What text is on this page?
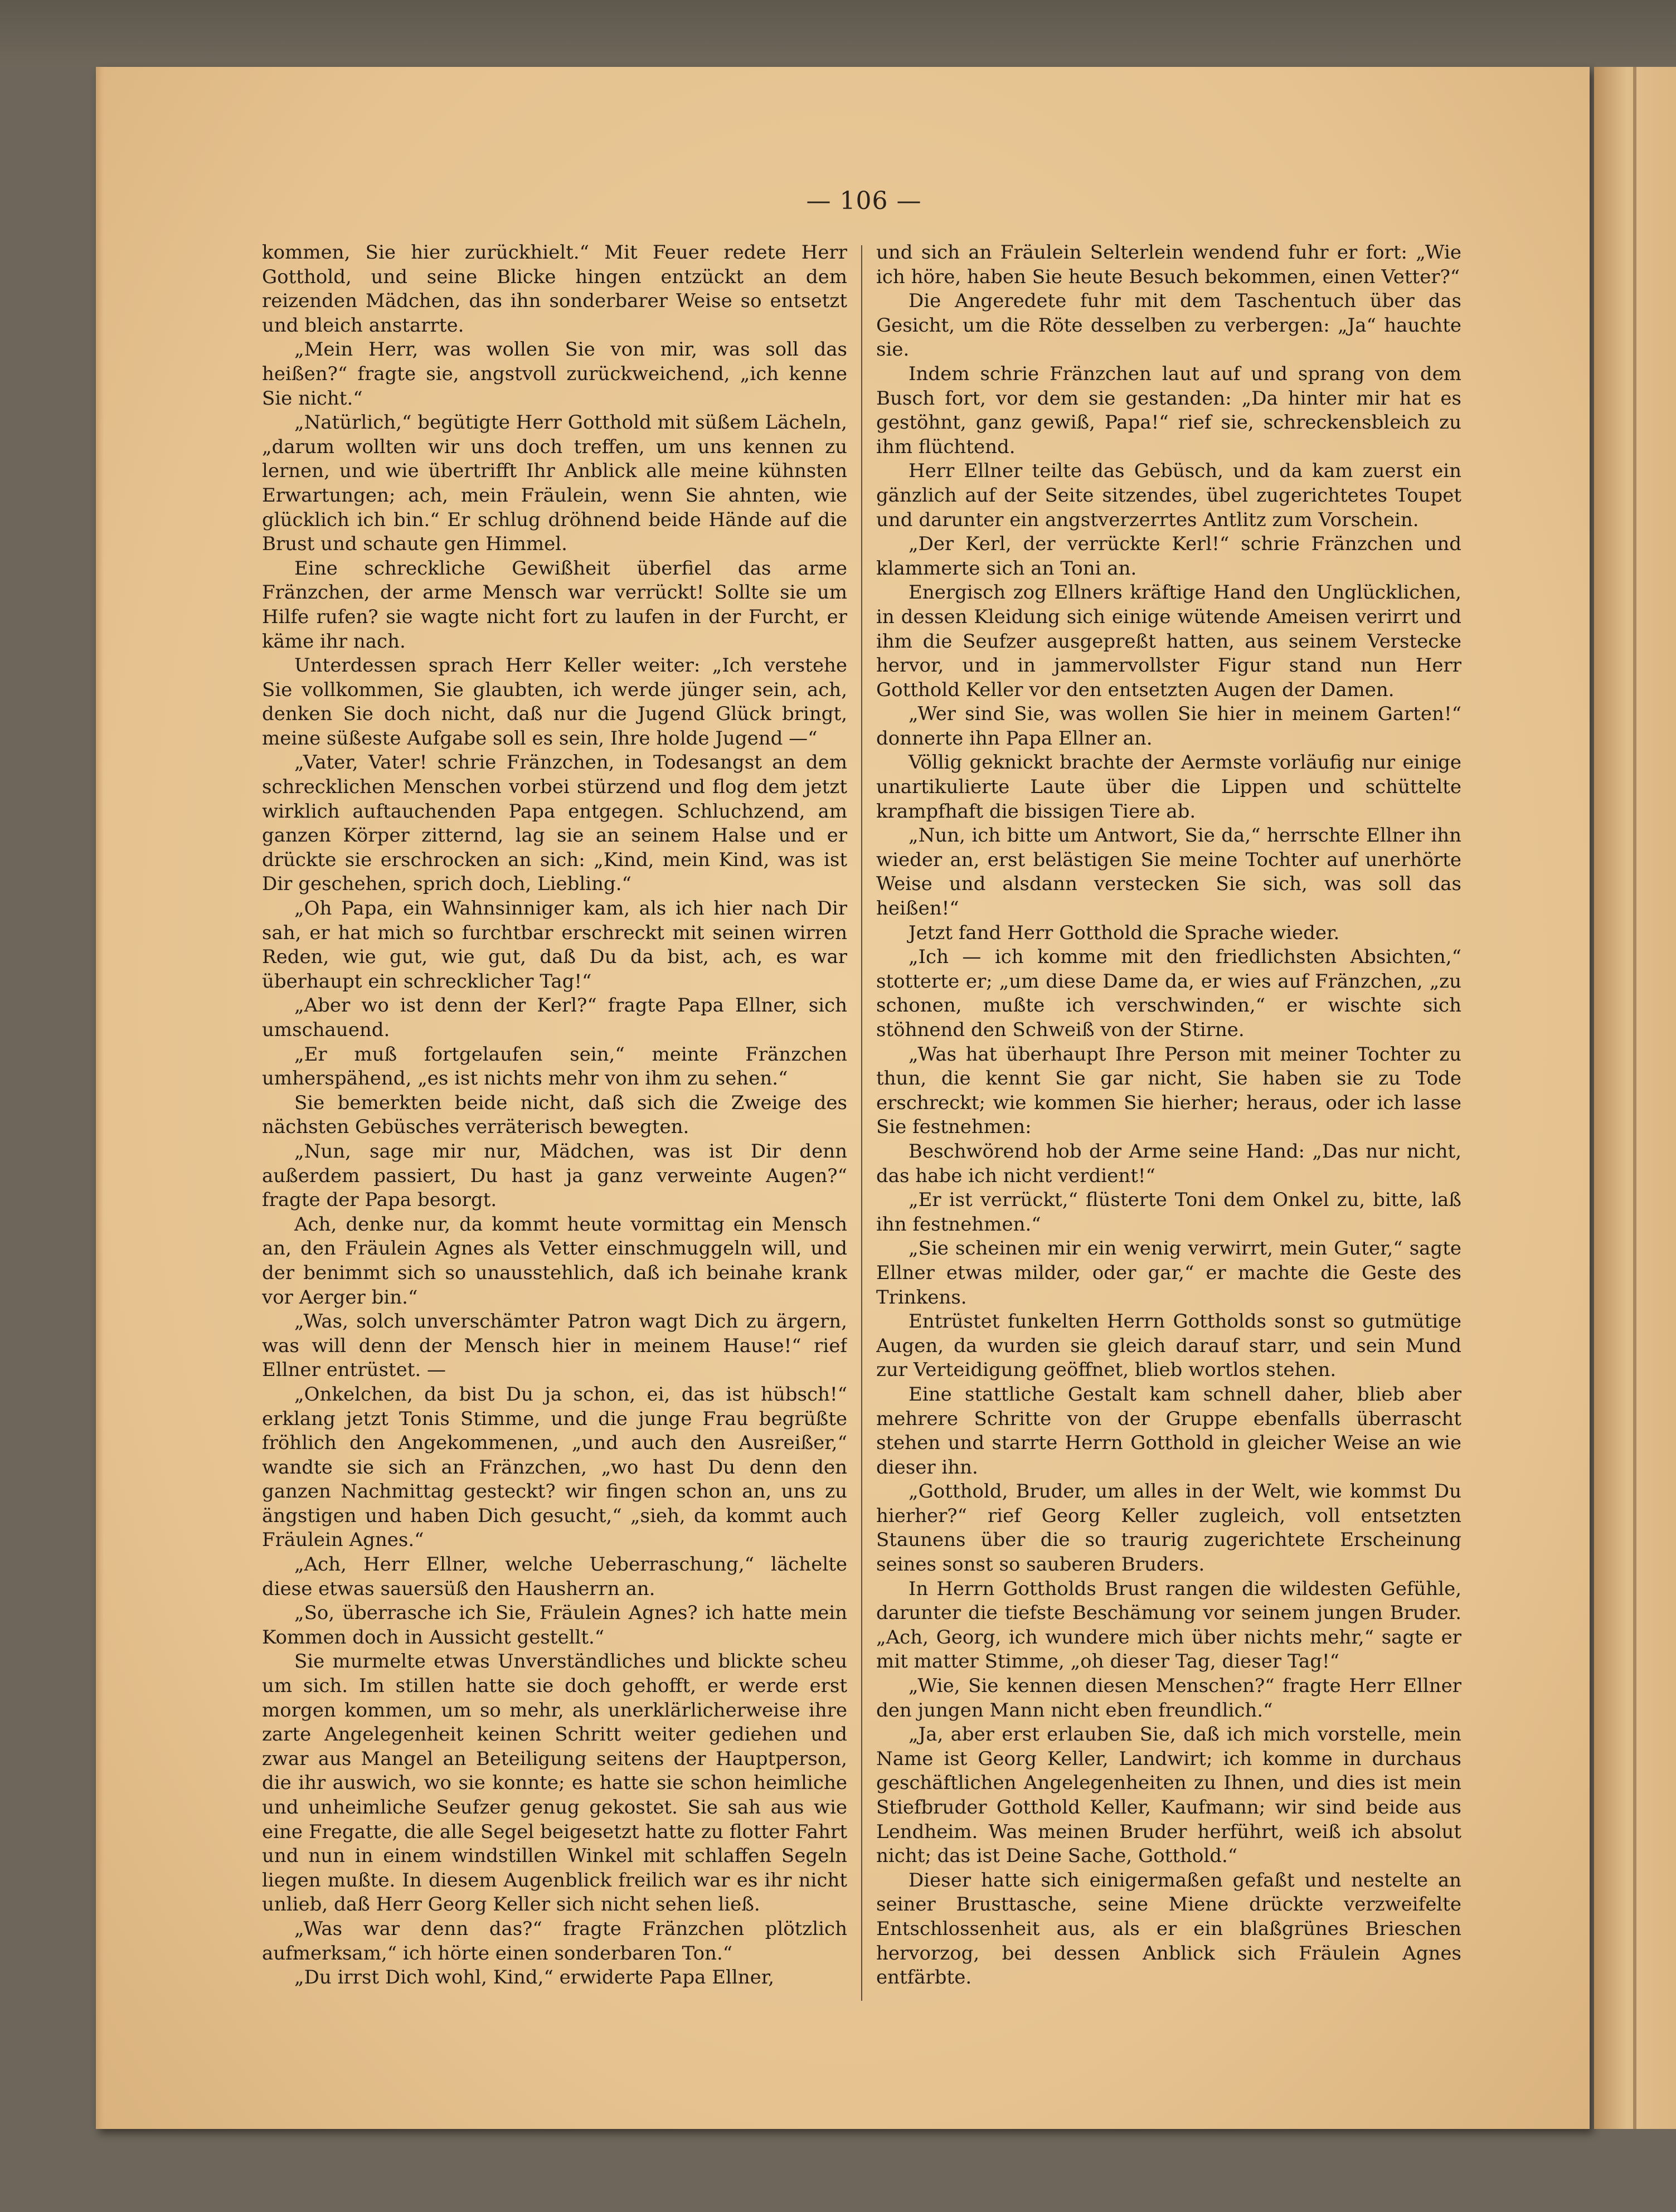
— 106 —

kommen, Sie hier zurückhielt.“ Mit Feuer redete Herr Gotthold, und seine Blicke hingen entzückt an dem reizenden Mädchen, das ihn sonderbarer Weise so entsetzt und bleich anstarrte.

„Mein Herr, was wollen Sie von mir, was soll das heißen?“ fragte sie, angstvoll zurückweichend, „ich kenne Sie nicht.“

„Natürlich,“ begütigte Herr Gotthold mit süßem Lächeln, „darum wollten wir uns doch treffen, um uns kennen zu lernen, und wie übertrifft Ihr Anblick alle meine kühnsten Erwartungen; ach, mein Fräulein, wenn Sie ahnten, wie glücklich ich bin.“ Er schlug dröhnend beide Hände auf die Brust und schaute gen Himmel.

Eine schreckliche Gewißheit überfiel das arme Fränzchen, der arme Mensch war verrückt! Sollte sie um Hilfe rufen? sie wagte nicht fort zu laufen in der Furcht, er käme ihr nach.

Unterdessen sprach Herr Keller weiter: „Ich verstehe Sie vollkommen, Sie glaubten, ich werde jünger sein, ach, denken Sie doch nicht, daß nur die Jugend Glück bringt, meine süßeste Aufgabe soll es sein, Ihre holde Jugend —“

„Vater, Vater! schrie Fränzchen, in Todesangst an dem schrecklichen Menschen vorbei stürzend und flog dem jetzt wirklich auftauchenden Papa entgegen. Schluchzend, am ganzen Körper zitternd, lag sie an seinem Halse und er drückte sie erschrocken an sich: „Kind, mein Kind, was ist Dir geschehen, sprich doch, Liebling.“

„Oh Papa, ein Wahnsinniger kam, als ich hier nach Dir sah, er hat mich so furchtbar erschreckt mit seinen wirren Reden, wie gut, wie gut, daß Du da bist, ach, es war überhaupt ein schrecklicher Tag!“

„Aber wo ist denn der Kerl?“ fragte Papa Ellner, sich umschauend.

„Er muß fortgelaufen sein,“ meinte Fränzchen umherspähend, „es ist nichts mehr von ihm zu sehen.“

Sie bemerkten beide nicht, daß sich die Zweige des nächsten Gebüsches verräterisch bewegten.

„Nun, sage mir nur, Mädchen, was ist Dir denn außerdem passiert, Du hast ja ganz verweinte Augen?“ fragte der Papa besorgt.

Ach, denke nur, da kommt heute vormittag ein Mensch an, den Fräulein Agnes als Vetter einschmuggeln will, und der benimmt sich so unausstehlich, daß ich beinahe krank vor Aerger bin.“

„Was, solch unverschämter Patron wagt Dich zu ärgern, was will denn der Mensch hier in meinem Hause!“ rief Ellner entrüstet. —

„Onkelchen, da bist Du ja schon, ei, das ist hübsch!“ erklang jetzt Tonis Stimme, und die junge Frau begrüßte fröhlich den Angekommenen, „und auch den Ausreißer,“ wandte sie sich an Fränzchen, „wo hast Du denn den ganzen Nachmittag gesteckt? wir fingen schon an, uns zu ängstigen und haben Dich gesucht,“ „sieh, da kommt auch Fräulein Agnes.“

„Ach, Herr Ellner, welche Ueberraschung,“ lächelte diese etwas sauersüß den Hausherrn an.

„So, überrasche ich Sie, Fräulein Agnes? ich hatte mein Kommen doch in Aussicht gestellt.“

Sie murmelte etwas Unverständliches und blickte scheu um sich. Im stillen hatte sie doch gehofft, er werde erst morgen kommen, um so mehr, als unerklärlicherweise ihre zarte Angelegenheit keinen Schritt weiter gediehen und zwar aus Mangel an Beteiligung seitens der Hauptperson, die ihr auswich, wo sie konnte; es hatte sie schon heimliche und unheimliche Seufzer genug gekostet. Sie sah aus wie eine Fregatte, die alle Segel beigesetzt hatte zu flotter Fahrt und nun in einem windstillen Winkel mit schlaffen Segeln liegen mußte. In diesem Augenblick freilich war es ihr nicht unlieb, daß Herr Georg Keller sich nicht sehen ließ.

„Was war denn das?“ fragte Fränzchen plötzlich aufmerksam,“ ich hörte einen sonderbaren Ton.“

„Du irrst Dich wohl, Kind,“ erwiderte Papa Ellner,

und sich an Fräulein Selterlein wendend fuhr er fort: „Wie ich höre, haben Sie heute Besuch bekommen, einen Vetter?“

Die Angeredete fuhr mit dem Taschentuch über das Gesicht, um die Röte desselben zu verbergen: „Ja“ hauchte sie.

Indem schrie Fränzchen laut auf und sprang von dem Busch fort, vor dem sie gestanden: „Da hinter mir hat es gestöhnt, ganz gewiß, Papa!“ rief sie, schreckensbleich zu ihm flüchtend.

Herr Ellner teilte das Gebüsch, und da kam zuerst ein gänzlich auf der Seite sitzendes, übel zugerichtetes Toupet und darunter ein angstverzerrtes Antlitz zum Vorschein.

„Der Kerl, der verrückte Kerl!“ schrie Fränzchen und klammerte sich an Toni an.

Energisch zog Ellners kräftige Hand den Unglücklichen, in dessen Kleidung sich einige wütende Ameisen verirrt und ihm die Seufzer ausgepreßt hatten, aus seinem Verstecke hervor, und in jammervollster Figur stand nun Herr Gotthold Keller vor den entsetzten Augen der Damen.

„Wer sind Sie, was wollen Sie hier in meinem Garten!“ donnerte ihn Papa Ellner an.

Völlig geknickt brachte der Aermste vorläufig nur einige unartikulierte Laute über die Lippen und schüttelte krampfhaft die bissigen Tiere ab.

„Nun, ich bitte um Antwort, Sie da,“ herrschte Ellner ihn wieder an, erst belästigen Sie meine Tochter auf unerhörte Weise und alsdann verstecken Sie sich, was soll das heißen!“

Jetzt fand Herr Gotthold die Sprache wieder.

„Ich — ich komme mit den friedlichsten Absichten,“ stotterte er; „um diese Dame da, er wies auf Fränzchen, „zu schonen, mußte ich verschwinden,“ er wischte sich stöhnend den Schweiß von der Stirne.

„Was hat überhaupt Ihre Person mit meiner Tochter zu thun, die kennt Sie gar nicht, Sie haben sie zu Tode erschreckt; wie kommen Sie hierher; heraus, oder ich lasse Sie festnehmen:

Beschwörend hob der Arme seine Hand: „Das nur nicht, das habe ich nicht verdient!“

„Er ist verrückt,“ flüsterte Toni dem Onkel zu, bitte, laß ihn festnehmen.“

„Sie scheinen mir ein wenig verwirrt, mein Guter,“ sagte Ellner etwas milder, oder gar,“ er machte die Geste des Trinkens.

Entrüstet funkelten Herrn Gottholds sonst so gutmütige Augen, da wurden sie gleich darauf starr, und sein Mund zur Verteidigung geöffnet, blieb wortlos stehen.

Eine stattliche Gestalt kam schnell daher, blieb aber mehrere Schritte von der Gruppe ebenfalls überrascht stehen und starrte Herrn Gotthold in gleicher Weise an wie dieser ihn.

„Gotthold, Bruder, um alles in der Welt, wie kommst Du hierher?“ rief Georg Keller zugleich, voll entsetzten Staunens über die so traurig zugerichtete Erscheinung seines sonst so sauberen Bruders.

In Herrn Gottholds Brust rangen die wildesten Gefühle, darunter die tiefste Beschämung vor seinem jungen Bruder. „Ach, Georg, ich wundere mich über nichts mehr,“ sagte er mit matter Stimme, „oh dieser Tag, dieser Tag!“

„Wie, Sie kennen diesen Menschen?“ fragte Herr Ellner den jungen Mann nicht eben freundlich.“

„Ja, aber erst erlauben Sie, daß ich mich vorstelle, mein Name ist Georg Keller, Landwirt; ich komme in durchaus geschäftlichen Angelegenheiten zu Ihnen, und dies ist mein Stiefbruder Gotthold Keller, Kaufmann; wir sind beide aus Lendheim. Was meinen Bruder herführt, weiß ich absolut nicht; das ist Deine Sache, Gotthold.“

Dieser hatte sich einigermaßen gefaßt und nestelte an seiner Brusttasche, seine Miene drückte verzweifelte Entschlossenheit aus, als er ein blaßgrünes Brieschen hervorzog, bei dessen Anblick sich Fräulein Agnes entfärbte.
